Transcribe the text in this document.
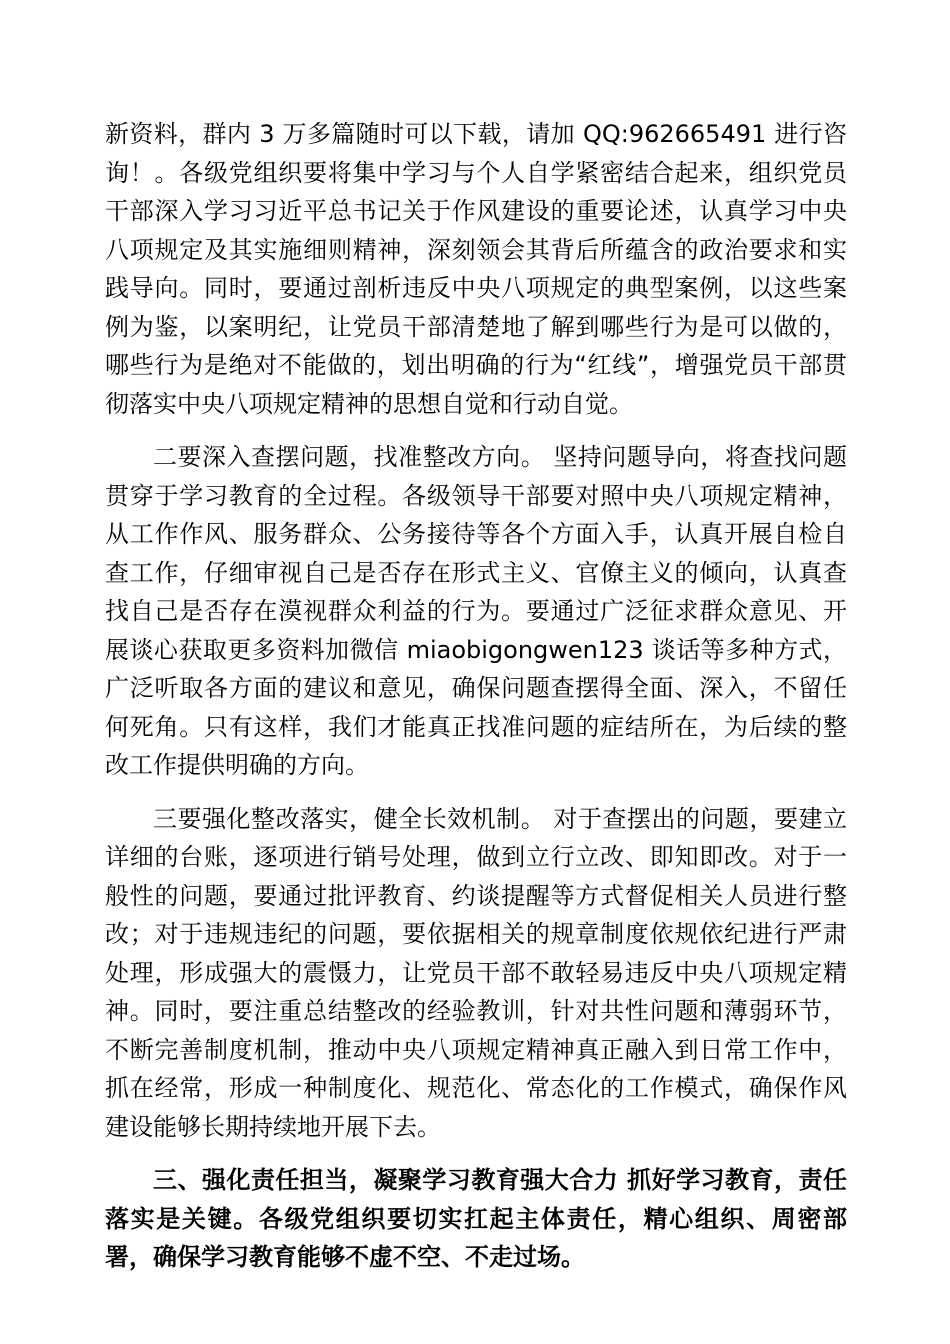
新资料，群内 3 万多篇随时可以下载，请加 QQ:962665491 进行咨询！。各级党组织要将集中学习与个人自学紧密结合起来，组织党员干部深入学习习近平总书记关于作风建设的重要论述，认真学习中央八项规定及其实施细则精神，深刻领会其背后所蕴含的政治要求和实践导向。同时，要通过剖析违反中央八项规定的典型案例，以这些案例为鉴，以案明纪，让党员干部清楚地了解到哪些行为是可以做的，哪些行为是绝对不能做的，划出明确的行为“红线”，增强党员干部贯彻落实中央八项规定精神的思想自觉和行动自觉。

二要深入查摆问题，找准整改方向。 坚持问题导向，将查找问题贯穿于学习教育的全过程。各级领导干部要对照中央八项规定精神，从工作作风、服务群众、公务接待等各个方面入手，认真开展自检自查工作，仔细审视自己是否存在形式主义、官僚主义的倾向，认真查找自己是否存在漠视群众利益的行为。要通过广泛征求群众意见、开展谈心获取更多资料加微信 miaobigongwen123 谈话等多种方式，广泛听取各方面的建议和意见，确保问题查摆得全面、深入，不留任何死角。只有这样，我们才能真正找准问题的症结所在，为后续的整改工作提供明确的方向。

三要强化整改落实，健全长效机制。 对于查摆出的问题，要建立详细的台账，逐项进行销号处理，做到立行立改、即知即改。对于一般性的问题，要通过批评教育、约谈提醒等方式督促相关人员进行整改；对于违规违纪的问题，要依据相关的规章制度依规依纪进行严肃处理，形成强大的震慑力，让党员干部不敢轻易违反中央八项规定精神。同时，要注重总结整改的经验教训，针对共性问题和薄弱环节，不断完善制度机制，推动中央八项规定精神真正融入到日常工作中，抓在经常，形成一种制度化、规范化、常态化的工作模式，确保作风建设能够长期持续地开展下去。

三、强化责任担当，凝聚学习教育强大合力 抓好学习教育，责任落实是关键。各级党组织要切实扛起主体责任，精心组织、周密部署，确保学习教育能够不虚不空、不走过场。
